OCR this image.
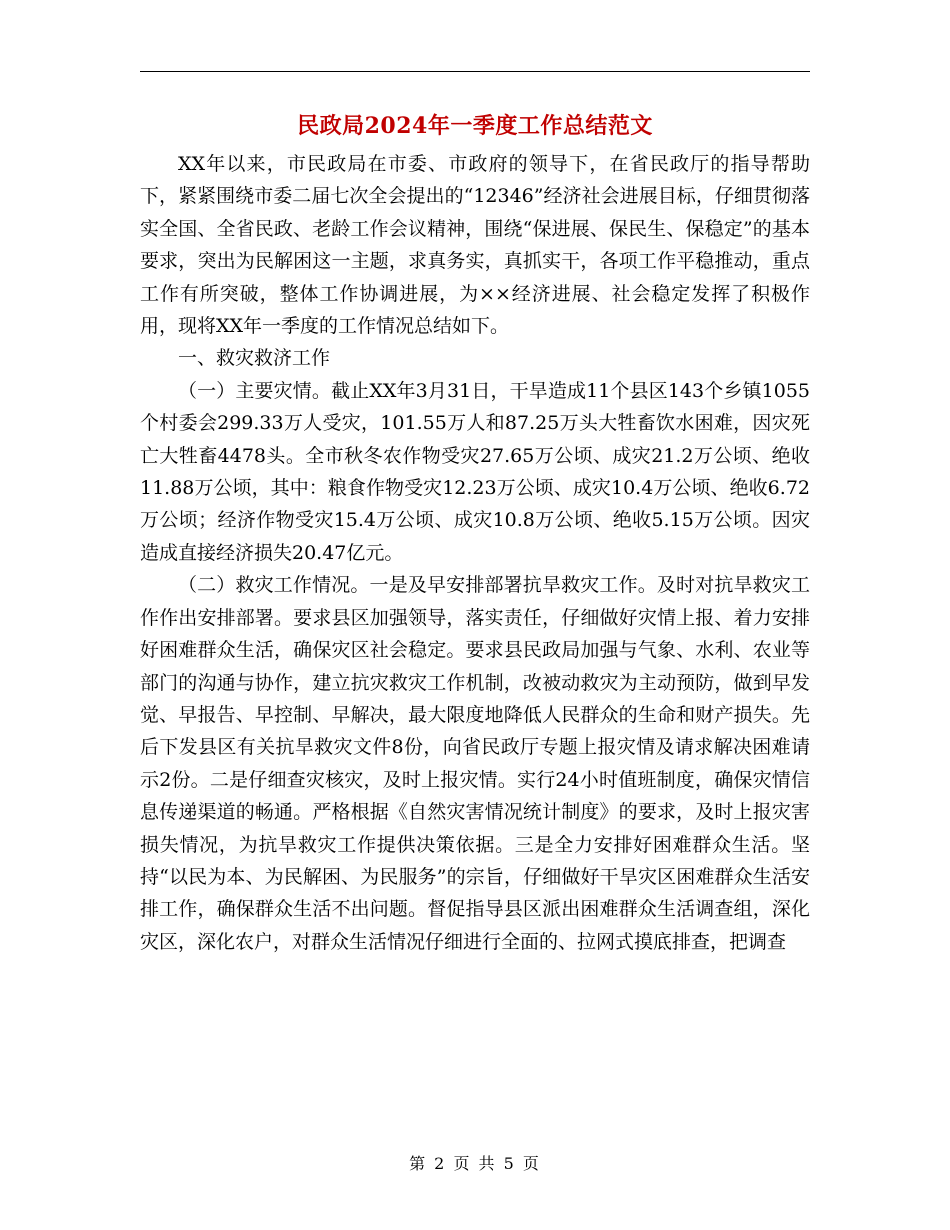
民政局2024年一季度工作总结范文

XX年以来，市民政局在市委、市政府的领导下，在省民政厅的指导帮助下，紧紧围绕市委二届七次全会提出的“12346”经济社会进展目标，仔细贯彻落实全国、全省民政、老龄工作会议精神，围绕“保进展、保民生、保稳定”的基本要求，突出为民解困这一主题，求真务实，真抓实干，各项工作平稳推动，重点工作有所突破，整体工作协调进展，为××经济进展、社会稳定发挥了积极作用，现将XX年一季度的工作情况总结如下。

一、救灾救济工作

（一）主要灾情。截止XX年3月31日，干旱造成11个县区143个乡镇1055个村委会299.33万人受灾，101.55万人和87.25万头大牲畜饮水困难，因灾死亡大牲畜4478头。全市秋冬农作物受灾27.65万公顷、成灾21.2万公顷、绝收11.88万公顷，其中：粮食作物受灾12.23万公顷、成灾10.4万公顷、绝收6.72万公顷；经济作物受灾15.4万公顷、成灾10.8万公顷、绝收5.15万公顷。因灾造成直接经济损失20.47亿元。

（二）救灾工作情况。一是及早安排部署抗旱救灾工作。及时对抗旱救灾工作作出安排部署。要求县区加强领导，落实责任，仔细做好灾情上报、着力安排好困难群众生活，确保灾区社会稳定。要求县民政局加强与气象、水利、农业等部门的沟通与协作，建立抗灾救灾工作机制，改被动救灾为主动预防，做到早发觉、早报告、早控制、早解决，最大限度地降低人民群众的生命和财产损失。先后下发县区有关抗旱救灾文件8份，向省民政厅专题上报灾情及请求解决困难请示2份。二是仔细查灾核灾，及时上报灾情。实行24小时值班制度，确保灾情信息传递渠道的畅通。严格根据《自然灾害情况统计制度》的要求，及时上报灾害损失情况，为抗旱救灾工作提供决策依据。三是全力安排好困难群众生活。坚持“以民为本、为民解困、为民服务”的宗旨，仔细做好干旱灾区困难群众生活安排工作，确保群众生活不出问题。督促指导县区派出困难群众生活调查组，深化灾区，深化农户，对群众生活情况仔细进行全面的、拉网式摸底排查，把调查

第 2 页 共 5 页
